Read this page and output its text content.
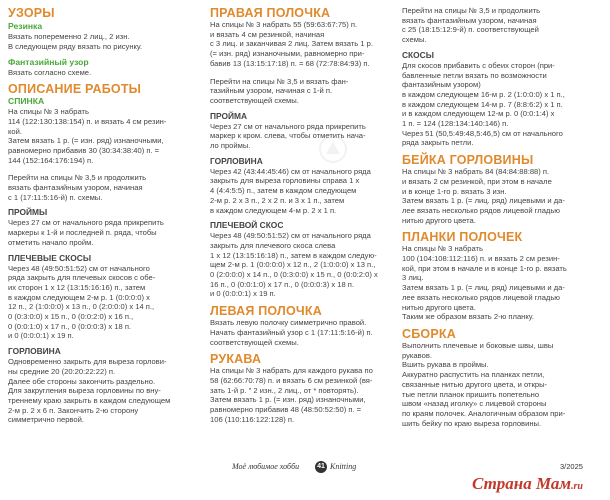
УЗОРЫ
Резинка

Вязать попеременно 2 лиц., 2 изн.

В следующем ряду вязать по рисунку.

Фантазийный узор

Вязать согласно схеме.

ОПИСАНИЕ РАБОТЫ
СПИНКА

На спицы № 3 набрать

114 (122:130:138:154) п. и вязать 4 см резин-

кой.

Затем вязать 1 р. (= изн. ряд) изнаночными,

равномерно прибавив 30 (30:34:38:40) п. =

144 (152:164:176:194) п.

Перейти на спицы № 3,5 и продолжить

вязать фантазийным узором, начиная

с 1 (17:11:5:16-й) п. схемы.

ПРОЙМЫ

Через 27 см от начального ряда прикрепить

маркеры к 1-й и последней п. ряда, чтобы

отметить начало пройм.

ПЛЕЧЕВЫЕ СКОСЫ

Через 48 (49:50:51:52) см от начального

ряда закрыть для плечевых скосов с обе-

их сторон 1 х 12 (13:15:16:16) п., затем

в каждом следующем 2-м р. 1 (0:0:0:0) х

12 п., 2 (1:0:0:0) х 13 п., 0 (2:0:0:0) х 14 п.,

0 (0:3:0:0) х 15 п., 0 (0:0:2:0) х 16 п.,

0 (0:0:1:0) х 17 п., 0 (0:0:0:3) х 18 п.

и 0 (0:0:0:1) х 19 п.

ГОРЛОВИНА

Одновременно закрыть для выреза горлови-

ны средние 20 (20:20:22:22) п.

Далее обе стороны закончить раздельно.

Для закругления выреза горловины по вну-

треннему краю закрыть в каждом следующем

2-м р. 2 х 6 п. Закончить 2-ю сторону

симметрично первой.

ПРАВАЯ ПОЛОЧКА

На спицы № 3 набрать 55 (59:63:67:75) п.

и вязать 4 см резинкой, начиная

с 3 лиц. и заканчивая 2 лиц. Затем вязать 1 р.

(= изн. ряд) изнаночными, равномерно при-

бавив 13 (13:15:17:18) п. = 68 (72:78:84:93) п.

Перейти на спицы № 3,5 и вязать фан-

тазийным узором, начиная с 1-й п.

соответствующей схемы.

ПРОЙМА

Через 27 см от начального ряда прикрепить

маркер к кром. слева, чтобы отметить нача-

ло проймы.

ГОРЛОВИНА

Через 42 (43:44:45:46) см от начального ряда

закрыть для выреза горловины справа 1 х

4 (4:4:5:5) п., затем в каждом следующем

2-м р. 2 х 3 п., 2 х 2 п. и 3 х 1 п., затем

в каждом следующем 4-м р. 2 х 1 п.

ПЛЕЧЕВОЙ СКОС

Через 48 (49:50:51:52) см от начального ряда

закрыть для плечевого скоса слева

1 х 12 (13:15:16:18) п., затем в каждом следую-

щем 2-м р. 1 (0:0:0:0) х 12 п., 2 (1:0:0:0) х 13 п.,

0 (2:0:0:0) х 14 п., 0 (0:3:0:0) х 15 п., 0 (0:0:2:0) х

16 п., 0 (0:0:1:0) х 17 п., 0 (0:0:0:3) х 18 п.

и 0 (0:0:0:1) х 19 п.

ЛЕВАЯ ПОЛОЧКА

Вязать левую полочку симметрично правой.

Начать фантазийный узор с 1 (17:11:5:16-й) п.

соответствующей схемы.

РУКАВА

На спицы № 3 набрать для каждого рукава по

58 (62:66:70:78) п. и вязать 6 см резинкой (вя-

зать 1-й р. " 2 изн., 2 лиц., от * повторять).

Затем вязать 1 р. (= изн. ряд) изнаночными,

равномерно прибавив 48 (48:50:52:50) п. =

106 (110:116:122:128) п.

Перейти на спицы № 3,5 и продолжить

вязать фантазийным узором, начиная

с 25 (18:15:12:9-й) п. соответствующей

схемы.

СКОСЫ

Для скосов прибавить с обеих сторон (при-

бавленные петли вязать по возможности

фантазийным узором)

в каждом следующем 16-м р. 2 (1:0:0:0) х 1 п.,

в каждом следующем 14-м р. 7 (8:8:6:2) х 1 п.

и в каждом следующем 12-м р. 0 (0:0:1:4) х

1 п. = 124 (128:134:140:146) п.

Через 51 (50,5:49:48,5:46,5) см от начального

ряда закрыть петли.

БЕЙКА ГОРЛОВИНЫ

На спицы № 3 набрать 84 (84:84:88:88) п.

и вязать 2 см резинкой, при этом в начале

и в конце 1-го р. вязать 3 изн.

Затем вязать 1 р. (= лиц. ряд) лицевыми и да-

лее вязать несколько рядов лицевой гладью

нитью другого цвета.

ПЛАНКИ ПОЛОЧЕК

На спицы № 3 набрать

100 (104:108:112:116) п. и вязать 2 см резин-

кой, при этом в начале и в конце 1-го р. вязать

3 лиц.

Затем вязать 1 р. (= лиц. ряд) лицевыми и да-

лее вязать несколько рядов лицевой гладью

нитью другого цвета.

Таким же образом вязать 2-ю планку.

СБОРКА

Выполнить плечевые и боковые швы, швы

рукавов.

Вшить рукава в проймы.

Аккуратно распустить на планках петли,

связанные нитью другого цвета, и откры-

тые петли планок пришить попетельно

швом «назад иголку» с лицевой стороны

по краям полочек. Аналогичным образом при-

шить бейку по краю выреза горловины.

Моё любимое хобби	41 Knitting	3/2025
Страна Мам.ru
